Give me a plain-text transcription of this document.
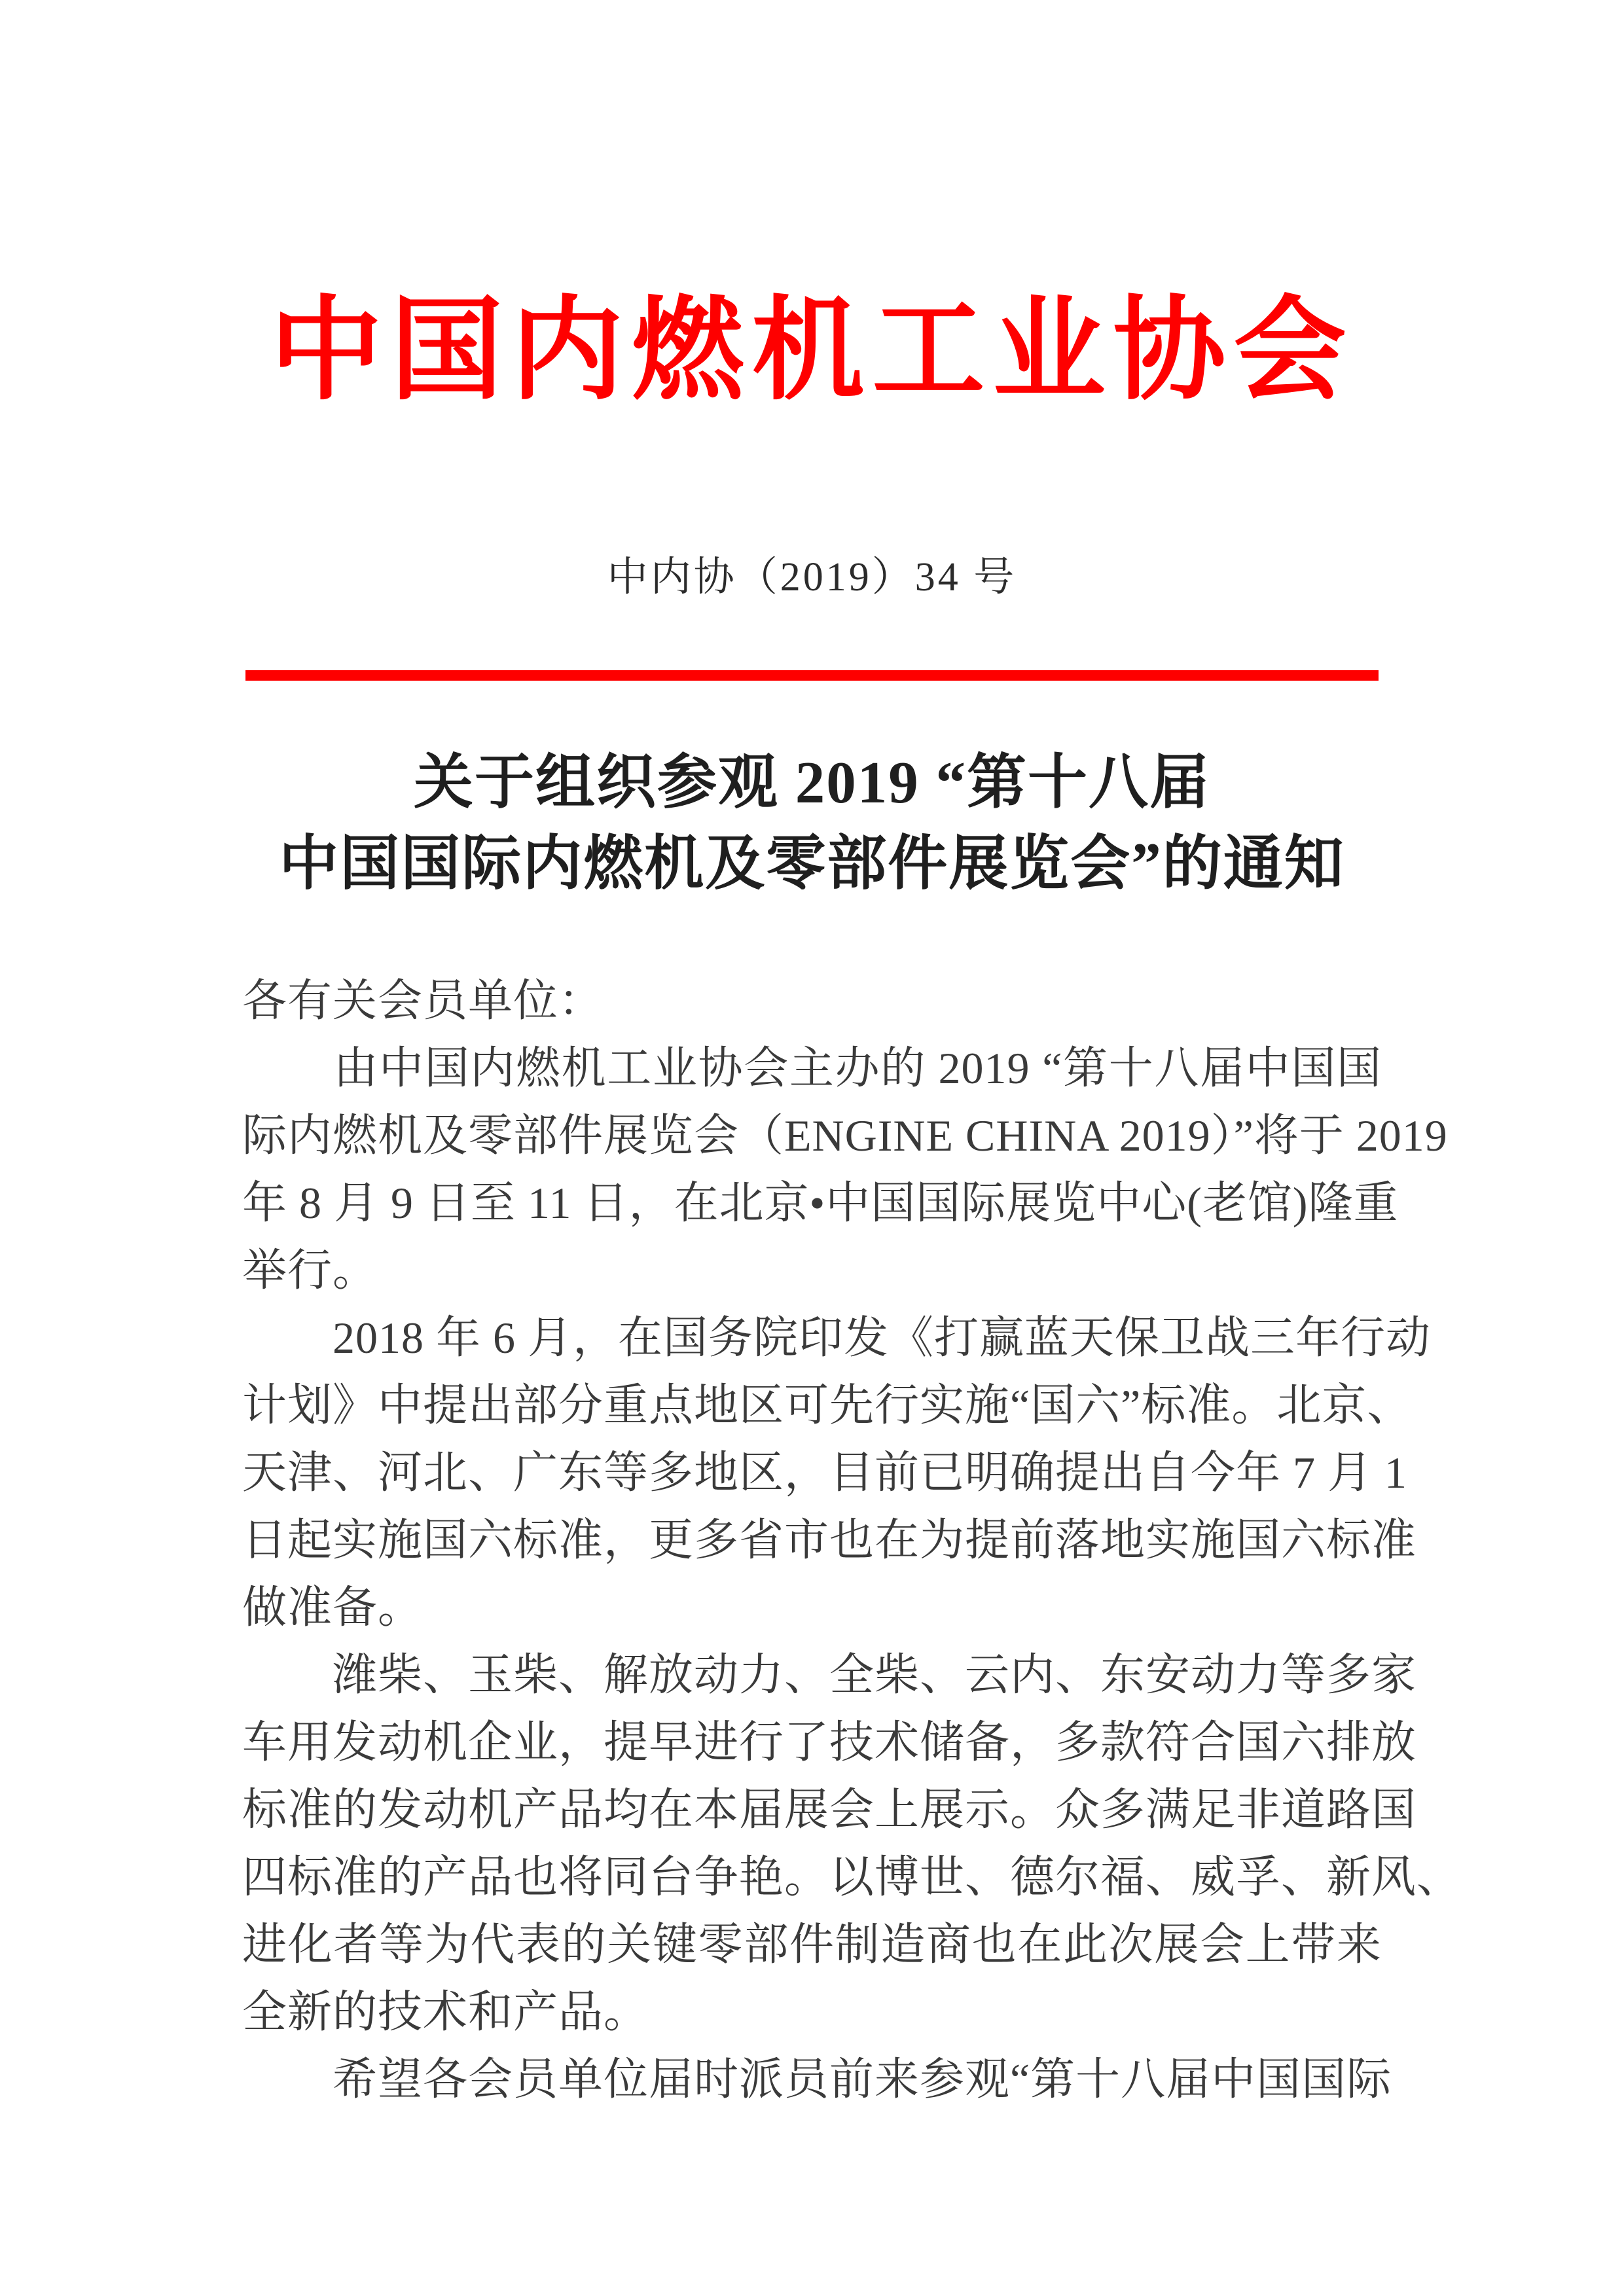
中国内燃机工业协会
中内协（2019）34 号
关于组织参观 2019 “第十八届
中国国际内燃机及零部件展览会”的通知
各有关会员单位：
　　由中国内燃机工业协会主办的 2019 “第十八届中国国
际内燃机及零部件展览会（ENGINE CHINA 2019）”将于 2019
年 8 月 9 日至 11 日，在北京•中国国际展览中心(老馆)隆重
举行。
　　2018 年 6 月，在国务院印发《打赢蓝天保卫战三年行动
计划》中提出部分重点地区可先行实施“国六”标准。北京、
天津、河北、广东等多地区，目前已明确提出自今年 7 月 1
日起实施国六标准，更多省市也在为提前落地实施国六标准
做准备。
　　潍柴、玉柴、解放动力、全柴、云内、东安动力等多家
车用发动机企业，提早进行了技术储备，多款符合国六排放
标准的发动机产品均在本届展会上展示。众多满足非道路国
四标准的产品也将同台争艳。以博世、德尔福、威孚、新风、
进化者等为代表的关键零部件制造商也在此次展会上带来
全新的技术和产品。
　　希望各会员单位届时派员前来参观“第十八届中国国际
